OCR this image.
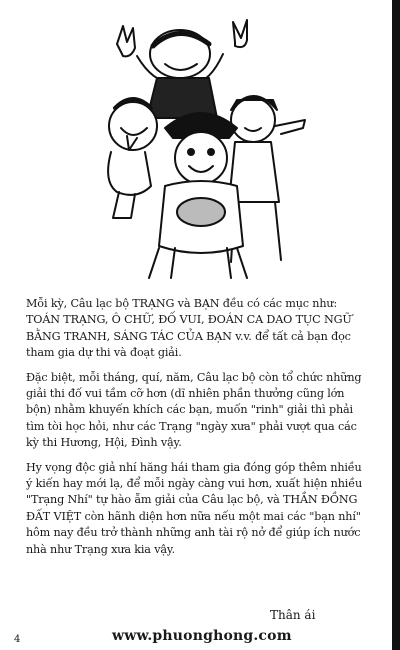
Mỗi kỳ, Câu lạc bộ TRẠNG và BẠN đều có các mục như: TOÁN TRẠNG, Ô CHỮ, ĐỐ VUI, ĐOÁN CA DAO TỤC NGỮ BẰNG TRANH, SÁNG TÁC CỦA BẠN v.v. để tất cả bạn đọc tham gia dự thi và đoạt giải.

Đặc biệt, mỗi tháng, quí, năm, Câu lạc bộ còn tổ chức những giải thi đố vui tầm cỡ hơn (dĩ nhiên phần thưởng cũng lớn bộn) nhằm khuyến khích các bạn, muốn "rinh" giải thì phải tìm tòi học hỏi, như các Trạng "ngày xưa" phải vượt qua các kỳ thi Hương, Hội, Đình vậy.

Hy vọng độc giả nhí hăng hái tham gia đóng góp thêm nhiều ý kiến hay mới lạ, để mỗi ngày càng vui hơn, xuất hiện nhiều "Trạng Nhí" tự hào ẵm giải của Câu lạc bộ, và THẦN ĐỒNG ĐẤT VIỆT còn hãnh diện hơn nữa nếu một mai các "bạn nhí" hôm nay đều trở thành những anh tài rộ nở để giúp ích nước nhà như Trạng xưa kia vậy.

Thân ái
4	www.phuonghong.com
